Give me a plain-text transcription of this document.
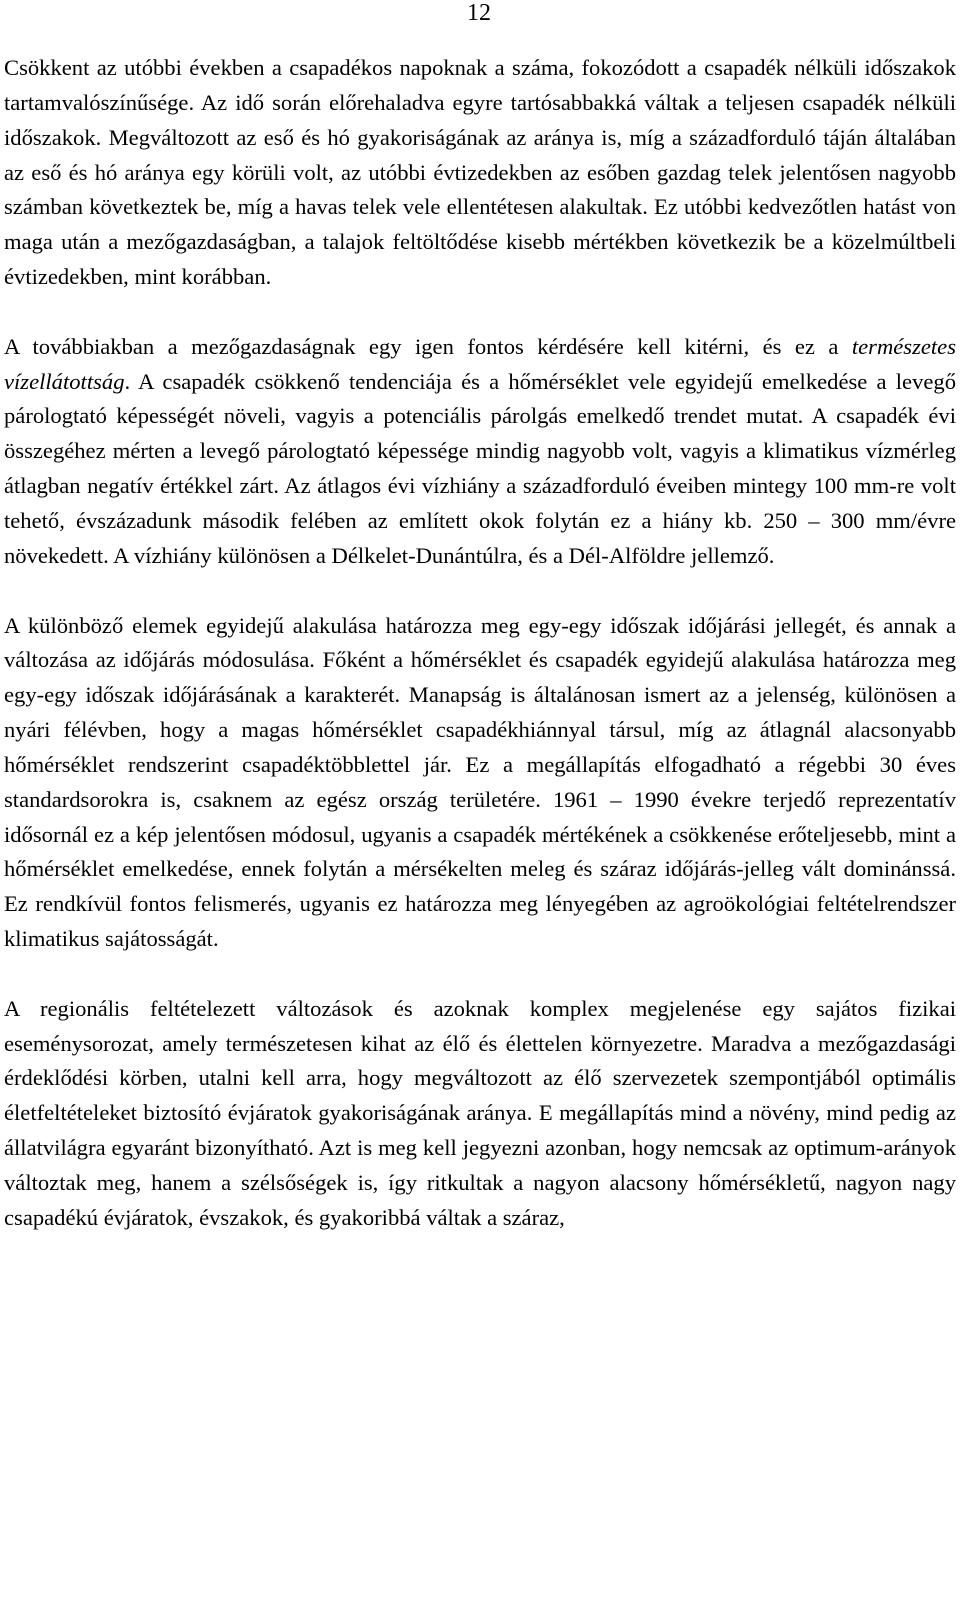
12

Csökkent az utóbbi években a csapadékos napoknak a száma, fokozódott a csapadék nélküli időszakok tartamvalószínűsége. Az idő során előrehaladva egyre tartósabbakká váltak a teljesen csapadék nélküli időszakok. Megváltozott az eső és hó gyakoriságának az aránya is, míg a századforduló táján általában az eső és hó aránya egy körüli volt, az utóbbi évtizedekben az esőben gazdag telek jelentősen nagyobb számban következtek be, míg a havas telek vele ellentétesen alakultak. Ez utóbbi kedvezőtlen hatást von maga után a mezőgazdaságban, a talajok feltöltődése kisebb mértékben következik be a közelmúltbeli évtizedekben, mint korábban.

A továbbiakban a mezőgazdaságnak egy igen fontos kérdésére kell kitérni, és ez a természetes vízellátottság. A csapadék csökkenő tendenciája és a hőmérséklet vele egyidejű emelkedése a levegő párologtató képességét növeli, vagyis a potenciális párolgás emelkedő trendet mutat. A csapadék évi összegéhez mérten a levegő párologtató képessége mindig nagyobb volt, vagyis a klimatikus vízmérleg átlagban negatív értékkel zárt. Az átlagos évi vízhiány a századforduló éveiben mintegy 100 mm-re volt tehető, évszázadunk második felében az említett okok folytán ez a hiány kb. 250 – 300 mm/évre növekedett. A vízhiány különösen a Délkelet-Dunántúlra, és a Dél-Alföldre jellemző.

A különböző elemek egyidejű alakulása határozza meg egy-egy időszak időjárási jellegét, és annak a változása az időjárás módosulása. Főként a hőmérséklet és csapadék egyidejű alakulása határozza meg egy-egy időszak időjárásának a karakterét. Manapság is általánosan ismert az a jelenség, különösen a nyári félévben, hogy a magas hőmérséklet csapadékhiánnyal társul, míg az átlagnál alacsonyabb hőmérséklet rendszerint csapadéktöbblettel jár. Ez a megállapítás elfogadható a régebbi 30 éves standardsorokra is, csaknem az egész ország területére. 1961 – 1990 évekre terjedő reprezentatív idősornál ez a kép jelentősen módosul, ugyanis a csapadék mértékének a csökkenése erőteljesebb, mint a hőmérséklet emelkedése, ennek folytán a mérsékelten meleg és száraz időjárás-jelleg vált dominánssá. Ez rendkívül fontos felismerés, ugyanis ez határozza meg lényegében az agroökológiai feltételrendszer klimatikus sajátosságát.

A regionális feltételezett változások és azoknak komplex megjelenése egy sajátos fizikai eseménysorozat, amely természetesen kihat az élő és élettelen környezetre. Maradva a mezőgazdasági érdeklődési körben, utalni kell arra, hogy megváltozott az élő szervezetek szempontjából optimális életfeltételeket biztosító évjáratok gyakoriságának aránya. E megállapítás mind a növény, mind pedig az állatvilágra egyaránt bizonyítható. Azt is meg kell jegyezni azonban, hogy nemcsak az optimum-arányok változtak meg, hanem a szélsőségek is, így ritkultak a nagyon alacsony hőmérsékletű, nagyon nagy csapadékú évjáratok, évszakok, és gyakoribbá váltak a száraz,
